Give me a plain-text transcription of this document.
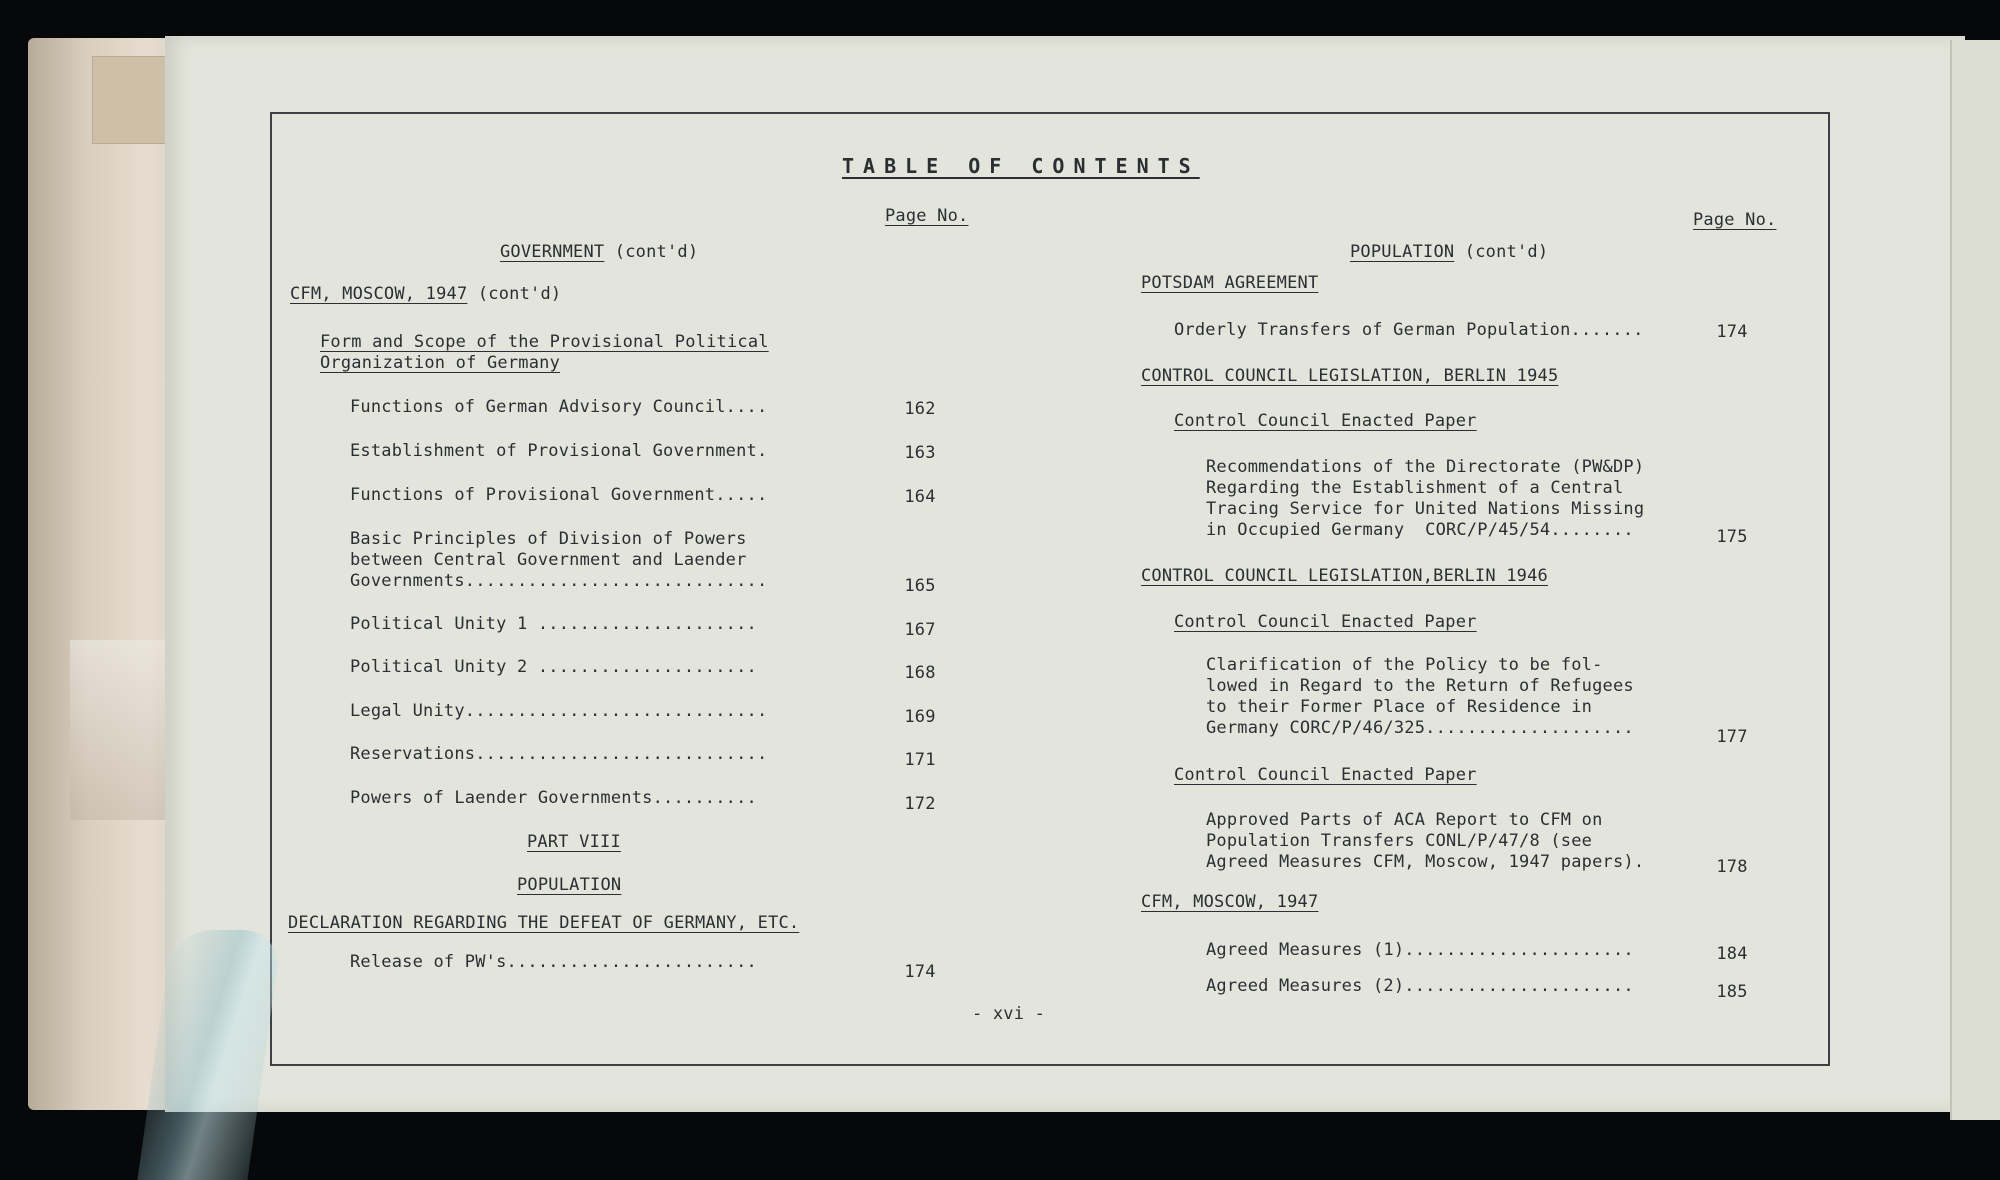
TABLE OF CONTENTS
Page No.	Page No.
GOVERNMENT (cont'd)
CFM, MOSCOW, 1947 (cont'd)
Form and Scope of the Provisional Political
Organization of Germany
Functions of German Advisory Council....	162
Establishment of Provisional Government.	163
Functions of Provisional Government.....	164
Basic Principles of Division of Powers
between Central Government and Laender
Governments.............................	165
Political Unity 1 .....................	167
Political Unity 2 .....................	168
Legal Unity.............................	169
Reservations............................	171
Powers of Laender Governments..........	172
PART VIII
POPULATION
DECLARATION REGARDING THE DEFEAT OF GERMANY, ETC.
Release of PW's........................	174
POPULATION (cont'd)
POTSDAM AGREEMENT
Orderly Transfers of German Population.......	174
CONTROL COUNCIL LEGISLATION, BERLIN 1945
Control Council Enacted Paper
Recommendations of the Directorate (PW&DP)
Regarding the Establishment of a Central
Tracing Service for United Nations Missing
in Occupied Germany  CORC/P/45/54........	175
CONTROL COUNCIL LEGISLATION,BERLIN 1946
Control Council Enacted Paper
Clarification of the Policy to be fol-
lowed in Regard to the Return of Refugees
to their Former Place of Residence in
Germany CORC/P/46/325....................	177
Control Council Enacted Paper
Approved Parts of ACA Report to CFM on
Population Transfers CONL/P/47/8 (see
Agreed Measures CFM, Moscow, 1947 papers).	178
CFM, MOSCOW, 1947
Agreed Measures (1)......................	184
Agreed Measures (2)......................	185
- xvi -
